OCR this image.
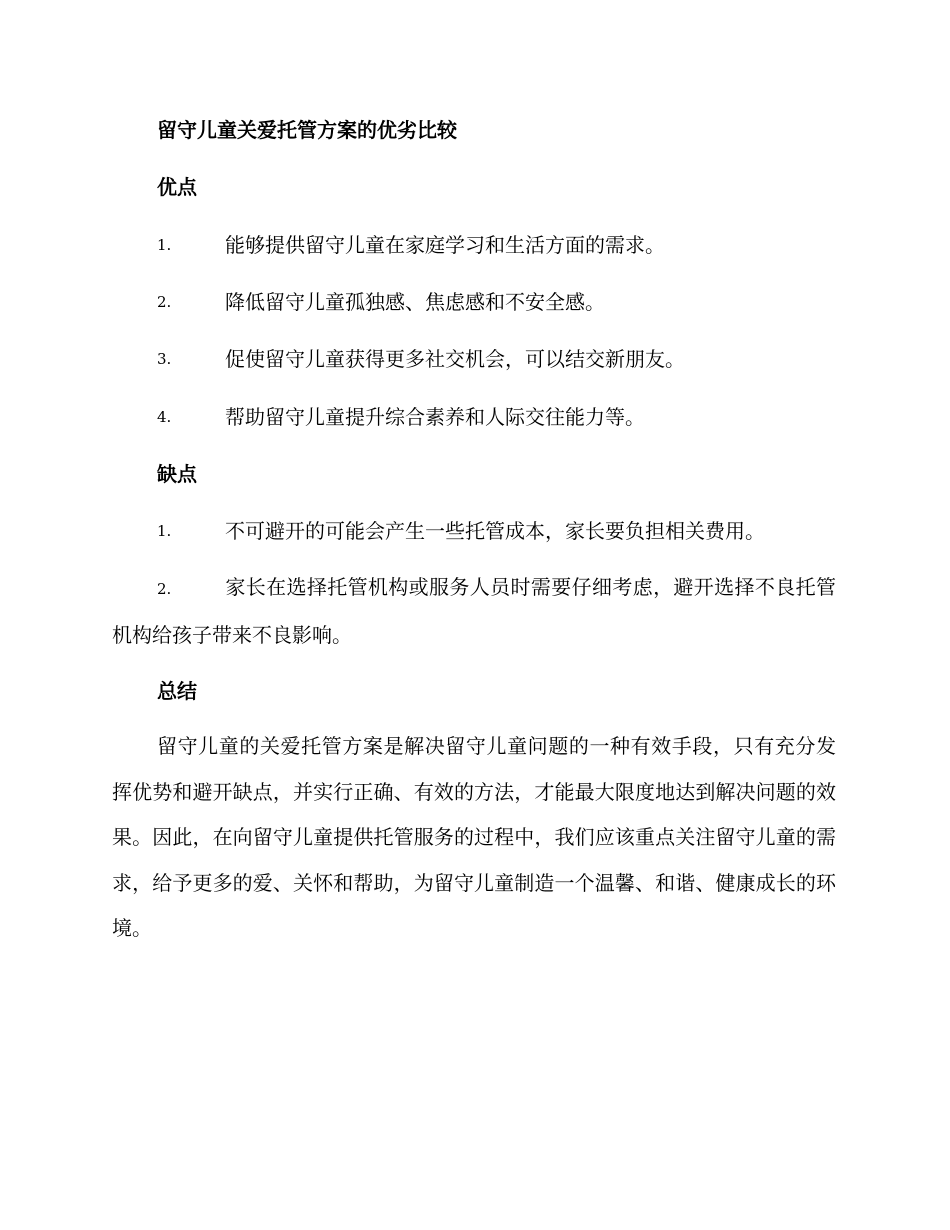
留守儿童关爱托管方案的优劣比较
优点
1.	能够提供留守儿童在家庭学习和生活方面的需求。
2.	降低留守儿童孤独感、焦虑感和不安全感。
3.	促使留守儿童获得更多社交机会，可以结交新朋友。
4.	帮助留守儿童提升综合素养和人际交往能力等。
缺点
1.	不可避开的可能会产生一些托管成本，家长要负担相关费用。
2.	家长在选择托管机构或服务人员时需要仔细考虑，避开选择不良托管机构给孩子带来不良影响。
总结
留守儿童的关爱托管方案是解决留守儿童问题的一种有效手段，只有充分发挥优势和避开缺点，并实行正确、有效的方法，才能最大限度地达到解决问题的效果。因此，在向留守儿童提供托管服务的过程中，我们应该重点关注留守儿童的需求，给予更多的爱、关怀和帮助，为留守儿童制造一个温馨、和谐、健康成长的环境。
